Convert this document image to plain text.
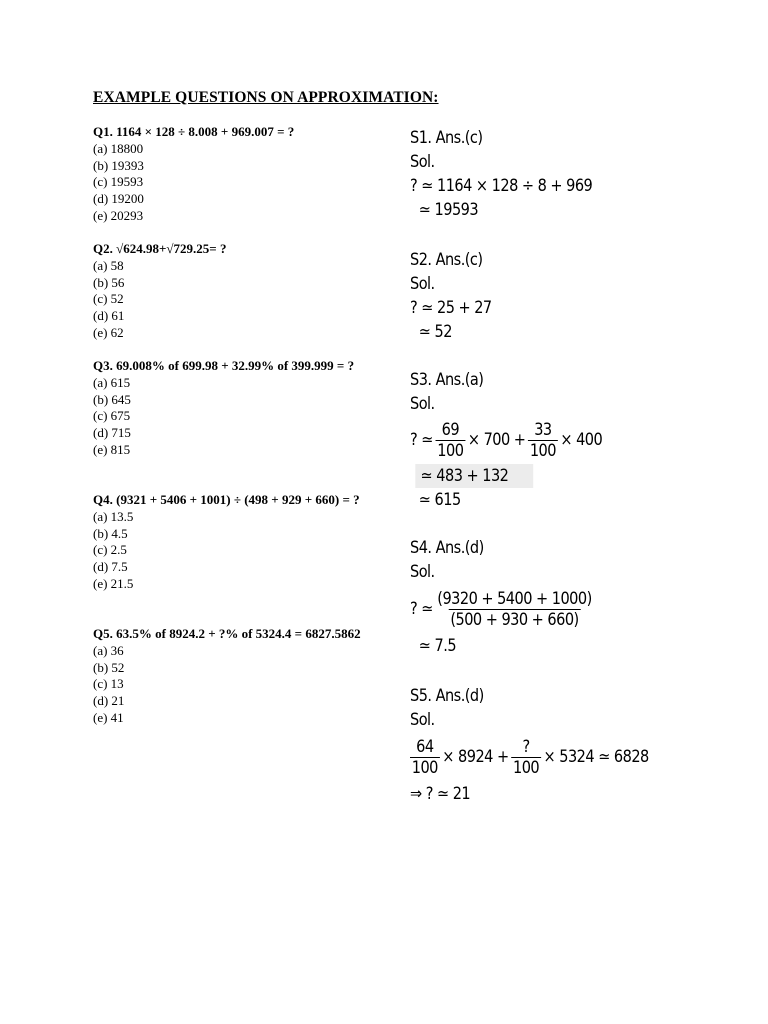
EXAMPLE QUESTIONS ON APPROXIMATION:
Q1. 1164 × 128 ÷ 8.008 + 969.007 = ?
(a) 18800
(b) 19393
(c) 19593
(d) 19200
(e) 20293
Q2. √624.98+√729.25= ?
(a) 58
(b) 56
(c) 52
(d) 61
(e) 62
Q3. 69.008% of 699.98 + 32.99% of 399.999 = ?
(a) 615
(b) 645
(c) 675
(d) 715
(e) 815
Q4. (9321 + 5406 + 1001) ÷ (498 + 929 + 660) = ?
(a) 13.5
(b) 4.5
(c) 2.5
(d) 7.5
(e) 21.5
Q5. 63.5% of 8924.2 + ?% of 5324.4 = 6827.5862
(a) 36
(b) 52
(c) 13
(d) 21
(e) 41
S1. Ans.(c)
Sol.
? ≃ 1164 × 128 ÷ 8 + 969
≃ 19593
S2. Ans.(c)
Sol.
? ≃ 25 + 27
≃ 52
S3. Ans.(a)
Sol.
? ≃ $\frac{69}{100} \times 700 + \frac{33}{100} \times 400$
≃ 483 + 132
≃ 615
S4. Ans.(d)
Sol.
? ≃ $\frac{(9320 + 5400 + 1000)}{(500 + 930 + 660)}$
≃ 7.5
S5. Ans.(d)
Sol.
$\frac{64}{100} \times 8924 + \frac{?}{100} \times 5324$ ≃ 6828
⇒ ? ≃ 21
